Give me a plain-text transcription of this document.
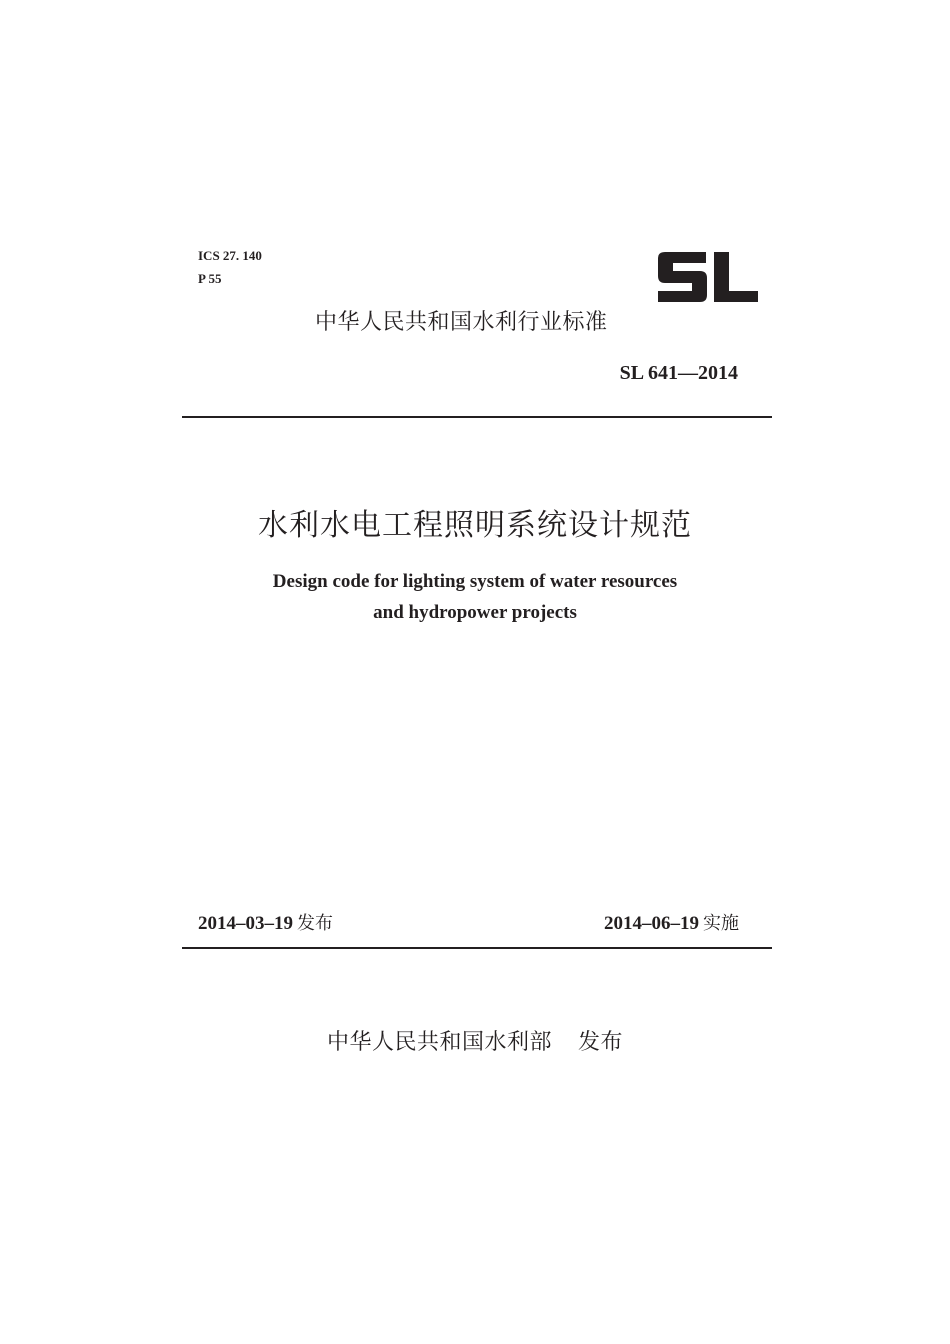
ICS 27. 140
P 55
中华人民共和国水利行业标准
SL 641—2014
水利水电工程照明系统设计规范
Design code for lighting system of water resources
and hydropower projects
2014–03–19 发布	2014–06–19 实施
中华人民共和国水利部 发布
